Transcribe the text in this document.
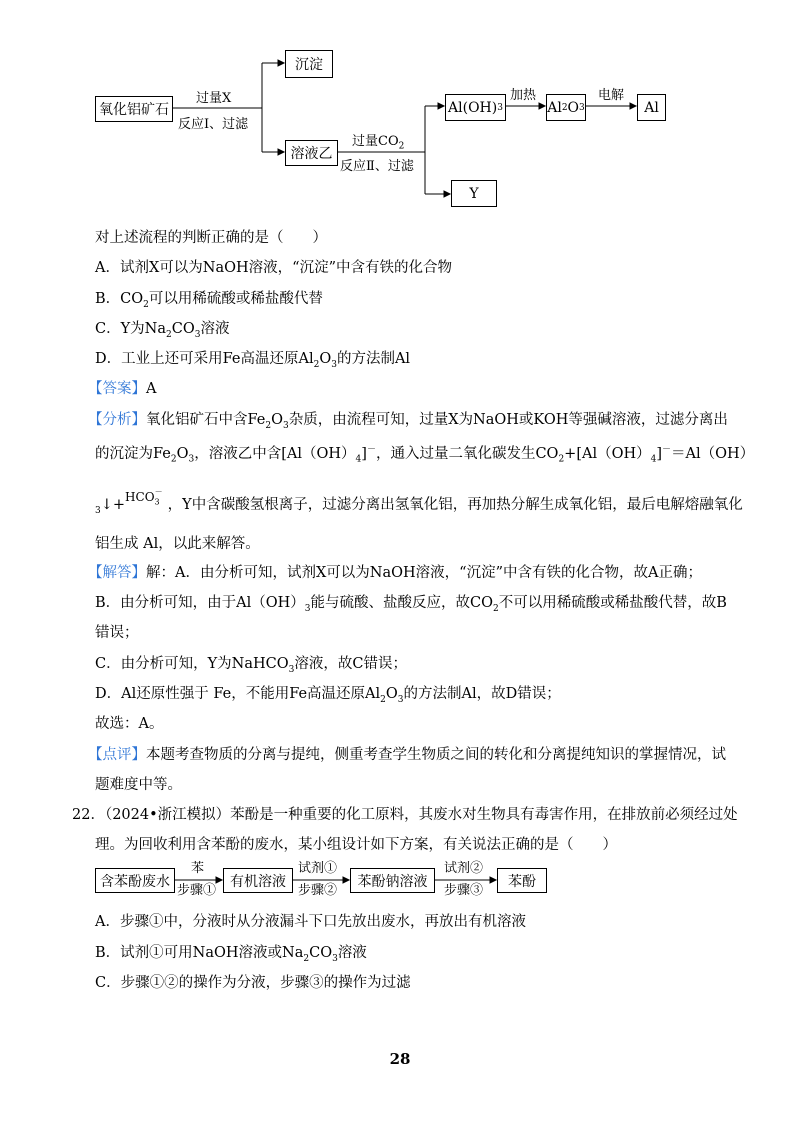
氧化铝矿石
沉淀
溶液乙
Al(OH) 3	Al 2 O 3	Al
Y
过量X
反应Ⅰ、过滤
过量$CO_2$
反应Ⅱ、过滤
加热	电解
对上述流程的判断正确的是（　　）
A．试剂X可以为NaOH溶液，“沉淀”中含有铁的化合物
B．$CO_2$可以用稀硫酸或稀盐酸代替
C．Y为$Na_2CO_3$溶液
D．工业上还可采用Fe高温还原$Al_2O_3$的方法制Al
【答案】A
【分析】氧化铝矿石中含$Fe_2O_3$杂质，由流程可知，过量X为NaOH或KOH等强碱溶液，过滤分离出
的沉淀为$Fe_2O_3$，溶液乙中含$[Al(OH)_4]^-$，通入过量二氧化碳发生$CO_2+[Al(OH)_4]^-=Al(OH)$
$_3$↓+$^{HCO_3^-}$，Y中含碳酸氢根离子，过滤分离出氢氧化铝，再加热分解生成氧化铝，最后电解熔融氧化
铝生成 Al，以此来解答。
【解答】解：A．由分析可知，试剂X可以为NaOH溶液，“沉淀”中含有铁的化合物，故A正确；
B．由分析可知，由于$Al(OH)_3$能与硫酸、盐酸反应，故$CO_2$不可以用稀硫酸或稀盐酸代替，故B
错误；
C．由分析可知，Y为NaHCO$_3$溶液，故C错误；
D．Al还原性强于 Fe，不能用Fe高温还原$Al_2O_3$的方法制Al，故D错误；
故选：A。
【点评】本题考查物质的分离与提纯，侧重考查学生物质之间的转化和分离提纯知识的掌握情况，试
题难度中等。
22．（2024•浙江模拟）苯酚是一种重要的化工原料，其废水对生物具有毒害作用，在排放前必须经过处
理。为回收利用含苯酚的废水，某小组设计如下方案，有关说法正确的是（　　）
含苯酚废水	有机溶液	苯酚钠溶液	苯酚
苯
步骤①
试剂①
步骤②
试剂②
步骤③
A．步骤①中，分液时从分液漏斗下口先放出废水，再放出有机溶液
B．试剂①可用NaOH溶液或$Na_2CO_3$溶液
C．步骤①②的操作为分液，步骤③的操作为过滤
28
